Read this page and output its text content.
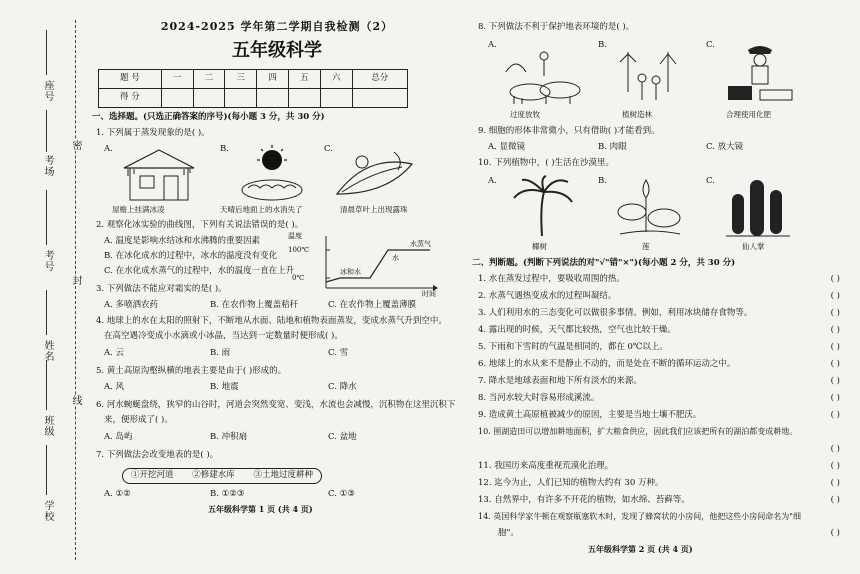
座号
考场
考号
班级
姓名
学校
密
封
线
2024-2025 学年第二学期自我检测（2）
五年级科学
题 号	一	二	三	四	五	六	总分
得 分							
一、选择题。(只选正确答案的序号)(每小题 3 分，共 30 分)
1. 下列属于蒸发现象的是( )。
A.	B.	C.
屋檐上挂满冰凌	天晴后地面上的水消失了	清晨草叶上出现露珠
2. 观察化冰实验的曲线图，下列有关说法错误的是( )。
A. 温度是影响水结冰和水沸腾的重要因素
B. 在冰化成水的过程中，冰水的温度没有变化
C. 在水化成水蒸气的过程中，水的温度一直在上升
温度
100℃
0℃
时间
冰和水
水
水蒸气
3. 下列做法不能应对霜实的是( )。
A. 多喷洒农药	B. 在农作物上覆盖秸秆	C. 在农作物上覆盖薄膜
4. 地球上的水在太阳的照射下，不断地从水面、陆地和植物表面蒸发，变成水蒸气升到空中。
在高空遇冷变成小水滴或小冰晶，当达到一定数量时便形成( )。
A. 云	B. 雨	C. 雪
5. 黄土高原沟壑纵横的地表主要是由于( )形成的。
A. 风	B. 地震	C. 降水
6. 河水蜿蜒盘绕，狭窄的山谷时，河道会突然变宽、变浅，水流也会减慢，沉积物在这里沉积下
来，便形成了( )。
A. 岛屿	B. 冲积扇	C. 盆地
7. 下列做法会改变地表的是( )。
①开挖河道 ②修建水库 ③土地过度耕种
A. ①②	B. ①②③	C. ①③
五年级科学第 1 页 (共 4 页)
8. 下列做法不利于保护地表环境的是( )。
A.	B.	C.
过度放牧	植树造林	合理使用化肥
9. 细胞的形体非常微小，只有借助( )才能看到。
A. 显微镜	B. 肉眼	C. 放大镜
10. 下列植物中，( )生活在沙漠里。
A.	B.	C.
椰树	莲	仙人掌
二、判断题。(判断下列说法的对"√"错"×")(每小题 2 分，共 30 分)
1. 水在蒸发过程中，要吸收周围的热。	( )
2. 水蒸气遇热变成水的过程叫凝结。	( )
3. 人们利用水的三态变化可以做很多事情。例如，利用冰块储存食物等。	( )
4. 露出现的时候，天气都比较热，空气也比较干燥。	( )
5. 下雨和下雪时的气温是相同的，都在 0℃以上。	( )
6. 地球上的水从来不是静止不动的，而是处在不断的循环运动之中。	( )
7. 降水是地球表面和地下所有淡水的来源。	( )
8. 当河水较大时容易形成溪流。	( )
9. 造成黄土高原植被减少的原因，主要是当地土壤不肥沃。	( )
10. 围湖造田可以增加耕地面积，扩大粮食供应，因此我们应该把所有的湖泊都变成耕地。
( )
11. 我国历来高度重视荒漠化治理。	( )
12. 迄今为止，人们已知的植物大约有 30 万种。	( )
13. 自然界中，有许多不开花的植物，如水绵、苔藓等。	( )
14. 英国科学家牛顿在观察瓶塞软木时，发现了蜂窝状的小房间，他把这些小房间命名为"细
胞"。	( )
五年级科学第 2 页 (共 4 页)
